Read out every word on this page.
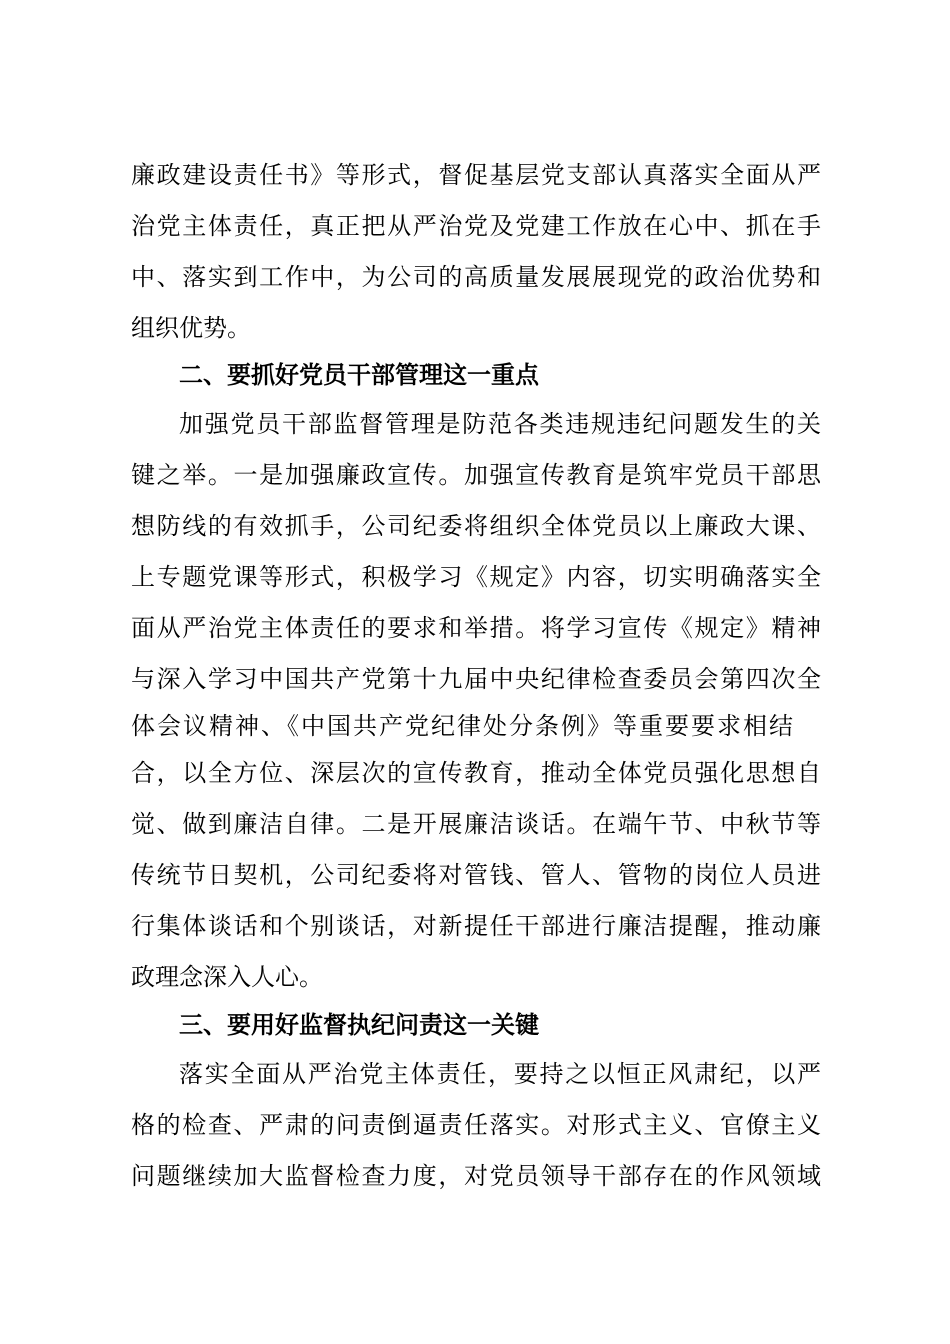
廉政建设责任书》等形式，督促基层党支部认真落实全面从严
治党主体责任，真正把从严治党及党建工作放在心中、抓在手
中、落实到工作中，为公司的高质量发展展现党的政治优势和
组织优势。
二、要抓好党员干部管理这一重点
加强党员干部监督管理是防范各类违规违纪问题发生的关
键之举。一是加强廉政宣传。加强宣传教育是筑牢党员干部思
想防线的有效抓手，公司纪委将组织全体党员以上廉政大课、
上专题党课等形式，积极学习《规定》内容，切实明确落实全
面从严治党主体责任的要求和举措。将学习宣传《规定》精神
与深入学习中国共产党第十九届中央纪律检查委员会第四次全
体会议精神、《中国共产党纪律处分条例》等重要要求相结
合，以全方位、深层次的宣传教育，推动全体党员强化思想自
觉、做到廉洁自律。二是开展廉洁谈话。在端午节、中秋节等
传统节日契机，公司纪委将对管钱、管人、管物的岗位人员进
行集体谈话和个别谈话，对新提任干部进行廉洁提醒，推动廉
政理念深入人心。
三、要用好监督执纪问责这一关键
落实全面从严治党主体责任，要持之以恒正风肃纪，以严
格的检查、严肃的问责倒逼责任落实。对形式主义、官僚主义
问题继续加大监督检查力度，对党员领导干部存在的作风领域
